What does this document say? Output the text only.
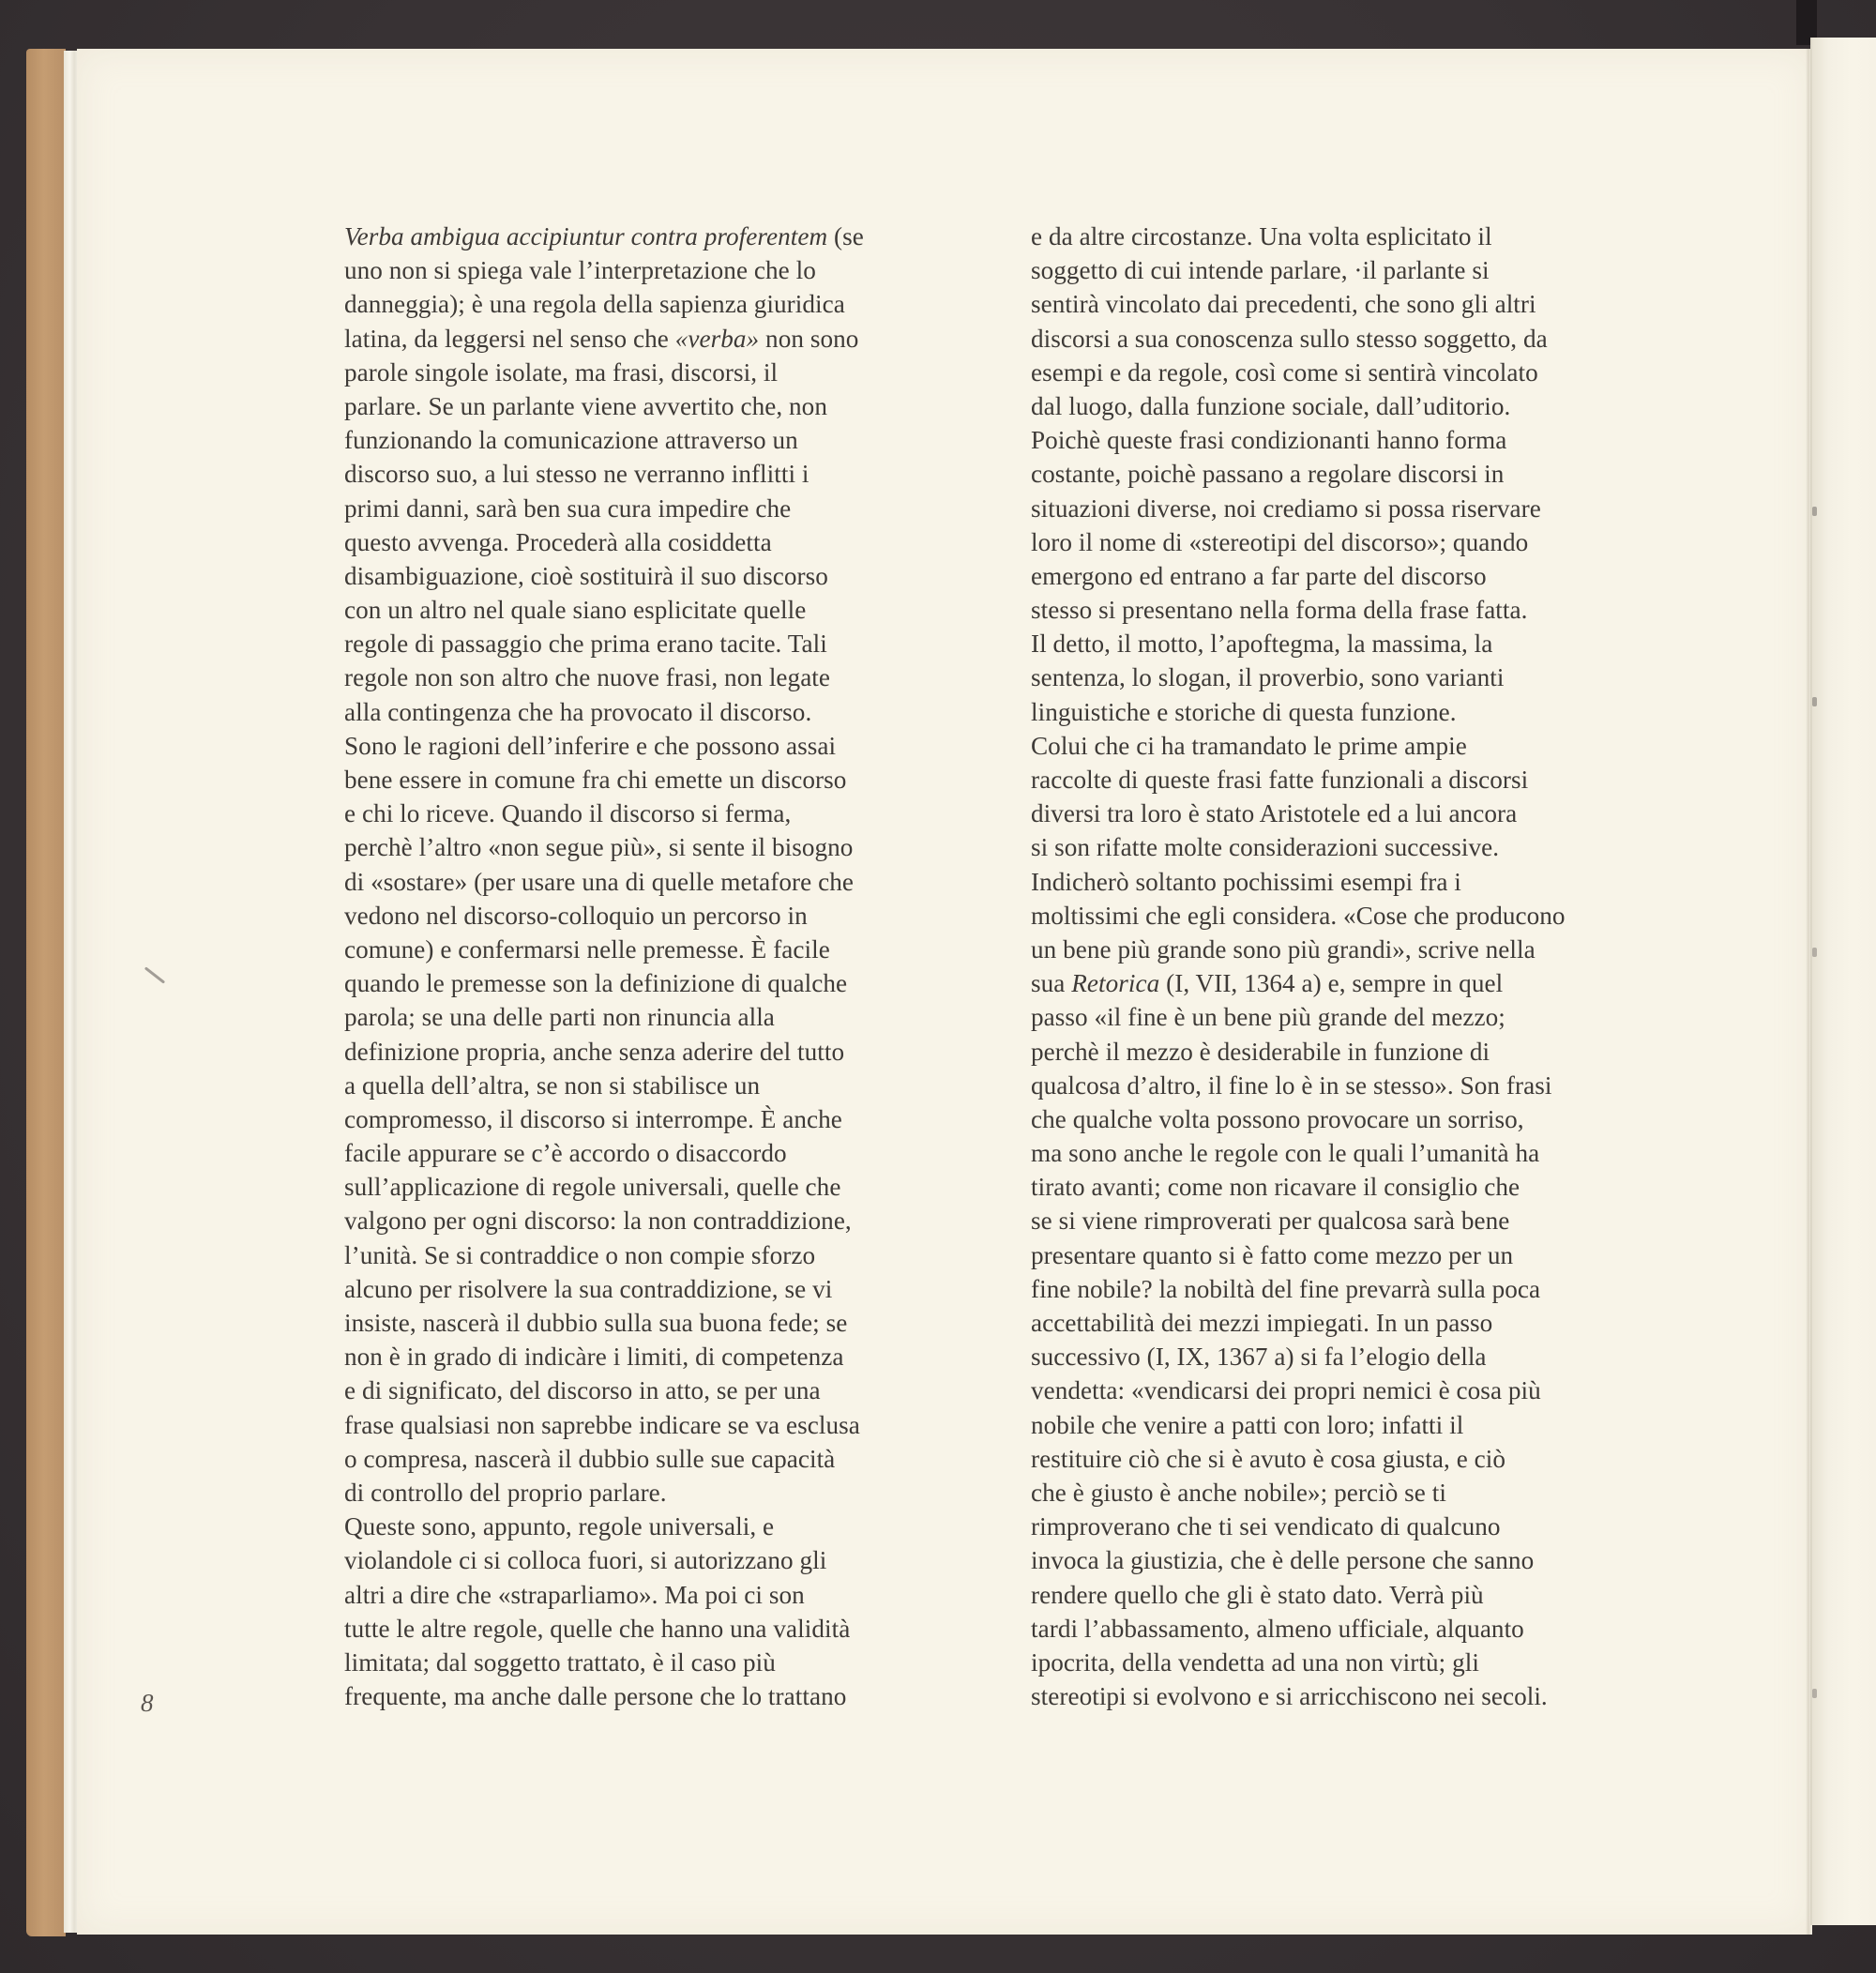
Verba ambigua accipiuntur contra proferentem (se
uno non si spiega vale l’interpretazione che lo
danneggia); è una regola della sapienza giuridica
latina, da leggersi nel senso che «verba» non sono
parole singole isolate, ma frasi, discorsi, il
parlare. Se un parlante viene avvertito che, non
funzionando la comunicazione attraverso un
discorso suo, a lui stesso ne verranno inflitti i
primi danni, sarà ben sua cura impedire che
questo avvenga. Procederà alla cosiddetta
disambiguazione, cioè sostituirà il suo discorso
con un altro nel quale siano esplicitate quelle
regole di passaggio che prima erano tacite. Tali
regole non son altro che nuove frasi, non legate
alla contingenza che ha provocato il discorso.
Sono le ragioni dell’inferire e che possono assai
bene essere in comune fra chi emette un discorso
e chi lo riceve. Quando il discorso si ferma,
perchè l’altro «non segue più», si sente il bisogno
di «sostare» (per usare una di quelle metafore che
vedono nel discorso-colloquio un percorso in
comune) e confermarsi nelle premesse. È facile
quando le premesse son la definizione di qualche
parola; se una delle parti non rinuncia alla
definizione propria, anche senza aderire del tutto
a quella dell’altra, se non si stabilisce un
compromesso, il discorso si interrompe. È anche
facile appurare se c’è accordo o disaccordo
sull’applicazione di regole universali, quelle che
valgono per ogni discorso: la non contraddizione,
l’unità. Se si contraddice o non compie sforzo
alcuno per risolvere la sua contraddizione, se vi
insiste, nascerà il dubbio sulla sua buona fede; se
non è in grado di indicàre i limiti, di competenza
e di significato, del discorso in atto, se per una
frase qualsiasi non saprebbe indicare se va esclusa
o compresa, nascerà il dubbio sulle sue capacità
di controllo del proprio parlare.
Queste sono, appunto, regole universali, e
violandole ci si colloca fuori, si autorizzano gli
altri a dire che «straparliamo». Ma poi ci son
tutte le altre regole, quelle che hanno una validità
limitata; dal soggetto trattato, è il caso più
frequente, ma anche dalle persone che lo trattano
e da altre circostanze. Una volta esplicitato il
soggetto di cui intende parlare, ·il parlante si
sentirà vincolato dai precedenti, che sono gli altri
discorsi a sua conoscenza sullo stesso soggetto, da
esempi e da regole, così come si sentirà vincolato
dal luogo, dalla funzione sociale, dall’uditorio.
Poichè queste frasi condizionanti hanno forma
costante, poichè passano a regolare discorsi in
situazioni diverse, noi crediamo si possa riservare
loro il nome di «stereotipi del discorso»; quando
emergono ed entrano a far parte del discorso
stesso si presentano nella forma della frase fatta.
Il detto, il motto, l’apoftegma, la massima, la
sentenza, lo slogan, il proverbio, sono varianti
linguistiche e storiche di questa funzione.
Colui che ci ha tramandato le prime ampie
raccolte di queste frasi fatte funzionali a discorsi
diversi tra loro è stato Aristotele ed a lui ancora
si son rifatte molte considerazioni successive.
Indicherò soltanto pochissimi esempi fra i
moltissimi che egli considera. «Cose che producono
un bene più grande sono più grandi», scrive nella
sua Retorica (I, VII, 1364 a) e, sempre in quel
passo «il fine è un bene più grande del mezzo;
perchè il mezzo è desiderabile in funzione di
qualcosa d’altro, il fine lo è in se stesso». Son frasi
che qualche volta possono provocare un sorriso,
ma sono anche le regole con le quali l’umanità ha
tirato avanti; come non ricavare il consiglio che
se si viene rimproverati per qualcosa sarà bene
presentare quanto si è fatto come mezzo per un
fine nobile? la nobiltà del fine prevarrà sulla poca
accettabilità dei mezzi impiegati. In un passo
successivo (I, IX, 1367 a) si fa l’elogio della
vendetta: «vendicarsi dei propri nemici è cosa più
nobile che venire a patti con loro; infatti il
restituire ciò che si è avuto è cosa giusta, e ciò
che è giusto è anche nobile»; perciò se ti
rimproverano che ti sei vendicato di qualcuno
invoca la giustizia, che è delle persone che sanno
rendere quello che gli è stato dato. Verrà più
tardi l’abbassamento, almeno ufficiale, alquanto
ipocrita, della vendetta ad una non virtù; gli
stereotipi si evolvono e si arricchiscono nei secoli.
8
